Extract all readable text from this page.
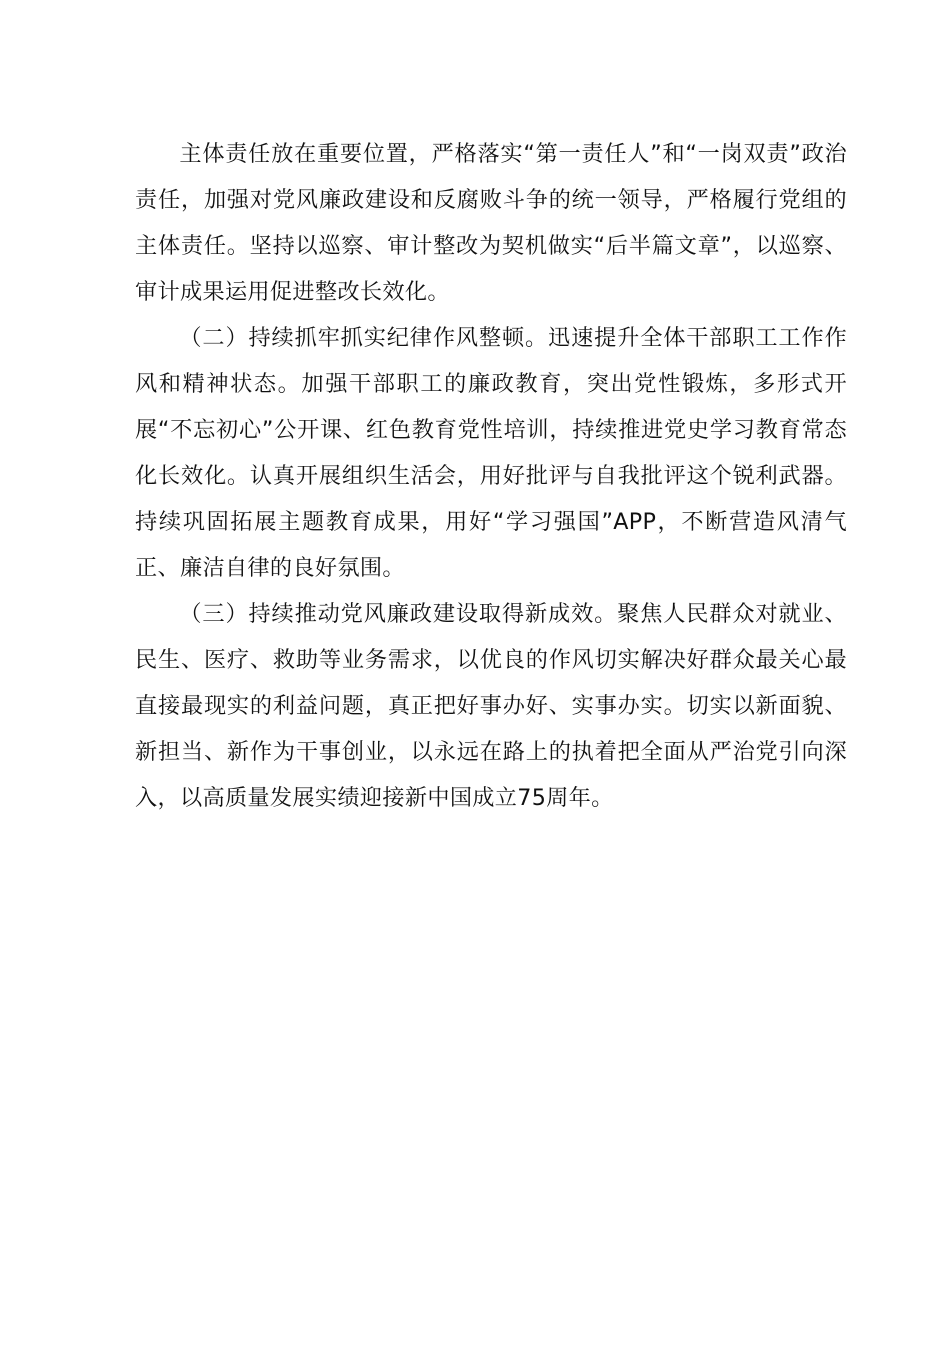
主体责任放在重要位置，严格落实“第一责任人”和“一岗双责”政治责任，加强对党风廉政建设和反腐败斗争的统一领导，严格履行党组的主体责任。坚持以巡察、审计整改为契机做实“后半篇文章”，以巡察、审计成果运用促进整改长效化。

（二）持续抓牢抓实纪律作风整顿。迅速提升全体干部职工工作作风和精神状态。加强干部职工的廉政教育，突出党性锻炼，多形式开展“不忘初心”公开课、红色教育党性培训，持续推进党史学习教育常态化长效化。认真开展组织生活会，用好批评与自我批评这个锐利武器。持续巩固拓展主题教育成果，用好“学习强国”APP，不断营造风清气正、廉洁自律的良好氛围。

（三）持续推动党风廉政建设取得新成效。聚焦人民群众对就业、民生、医疗、救助等业务需求，以优良的作风切实解决好群众最关心最直接最现实的利益问题，真正把好事办好、实事办实。切实以新面貌、新担当、新作为干事创业，以永远在路上的执着把全面从严治党引向深入，以高质量发展实绩迎接新中国成立75周年。
